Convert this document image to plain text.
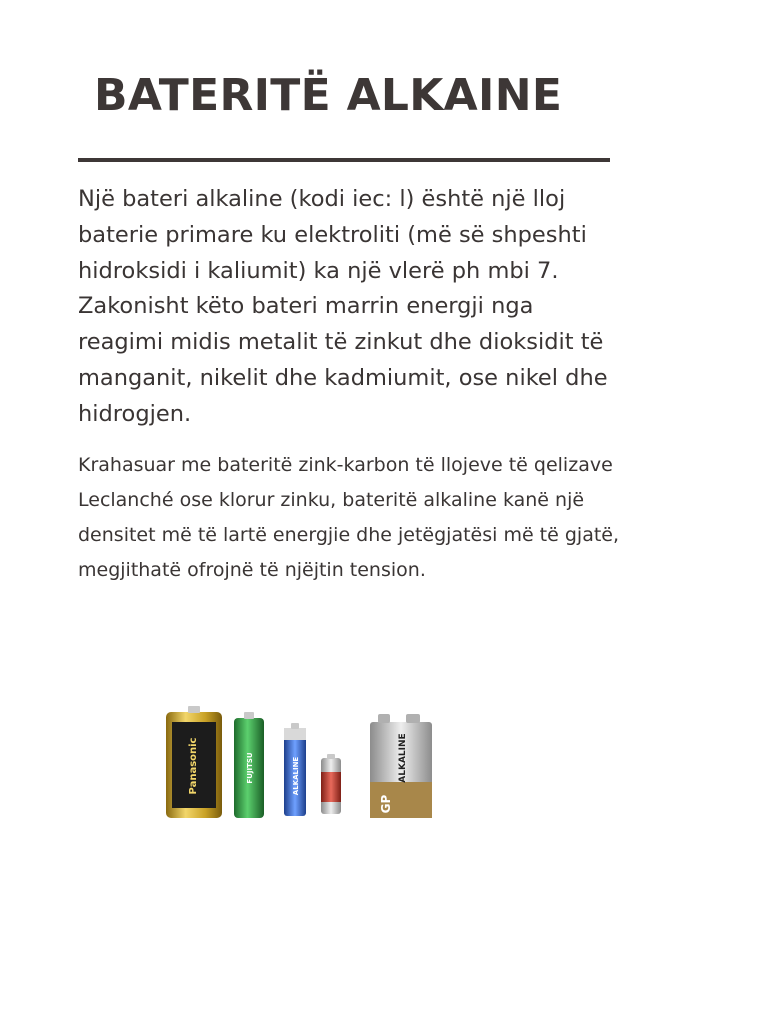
BATERITË ALKAINE

Një bateri alkaline (kodi iec: l) është një lloj baterie primare ku elektroliti (më së shpeshti hidroksidi i kaliumit) ka një vlerë ph mbi 7. Zakonisht këto bateri marrin energji nga reagimi midis metalit të zinkut dhe dioksidit të manganit, nikelit dhe kadmiumit, ose nikel dhe hidrogjen.

Krahasuar me bateritë zink-karbon të llojeve të qelizave Leclanché ose klorur zinku, bateritë alkaline kanë një densitet më të lartë energjie dhe jetëgjatësi më të gjatë, megjithatë ofrojnë të njëjtin tension.

Panasonic	FUJITSU	ALKALINE	ALKALINE
GP
